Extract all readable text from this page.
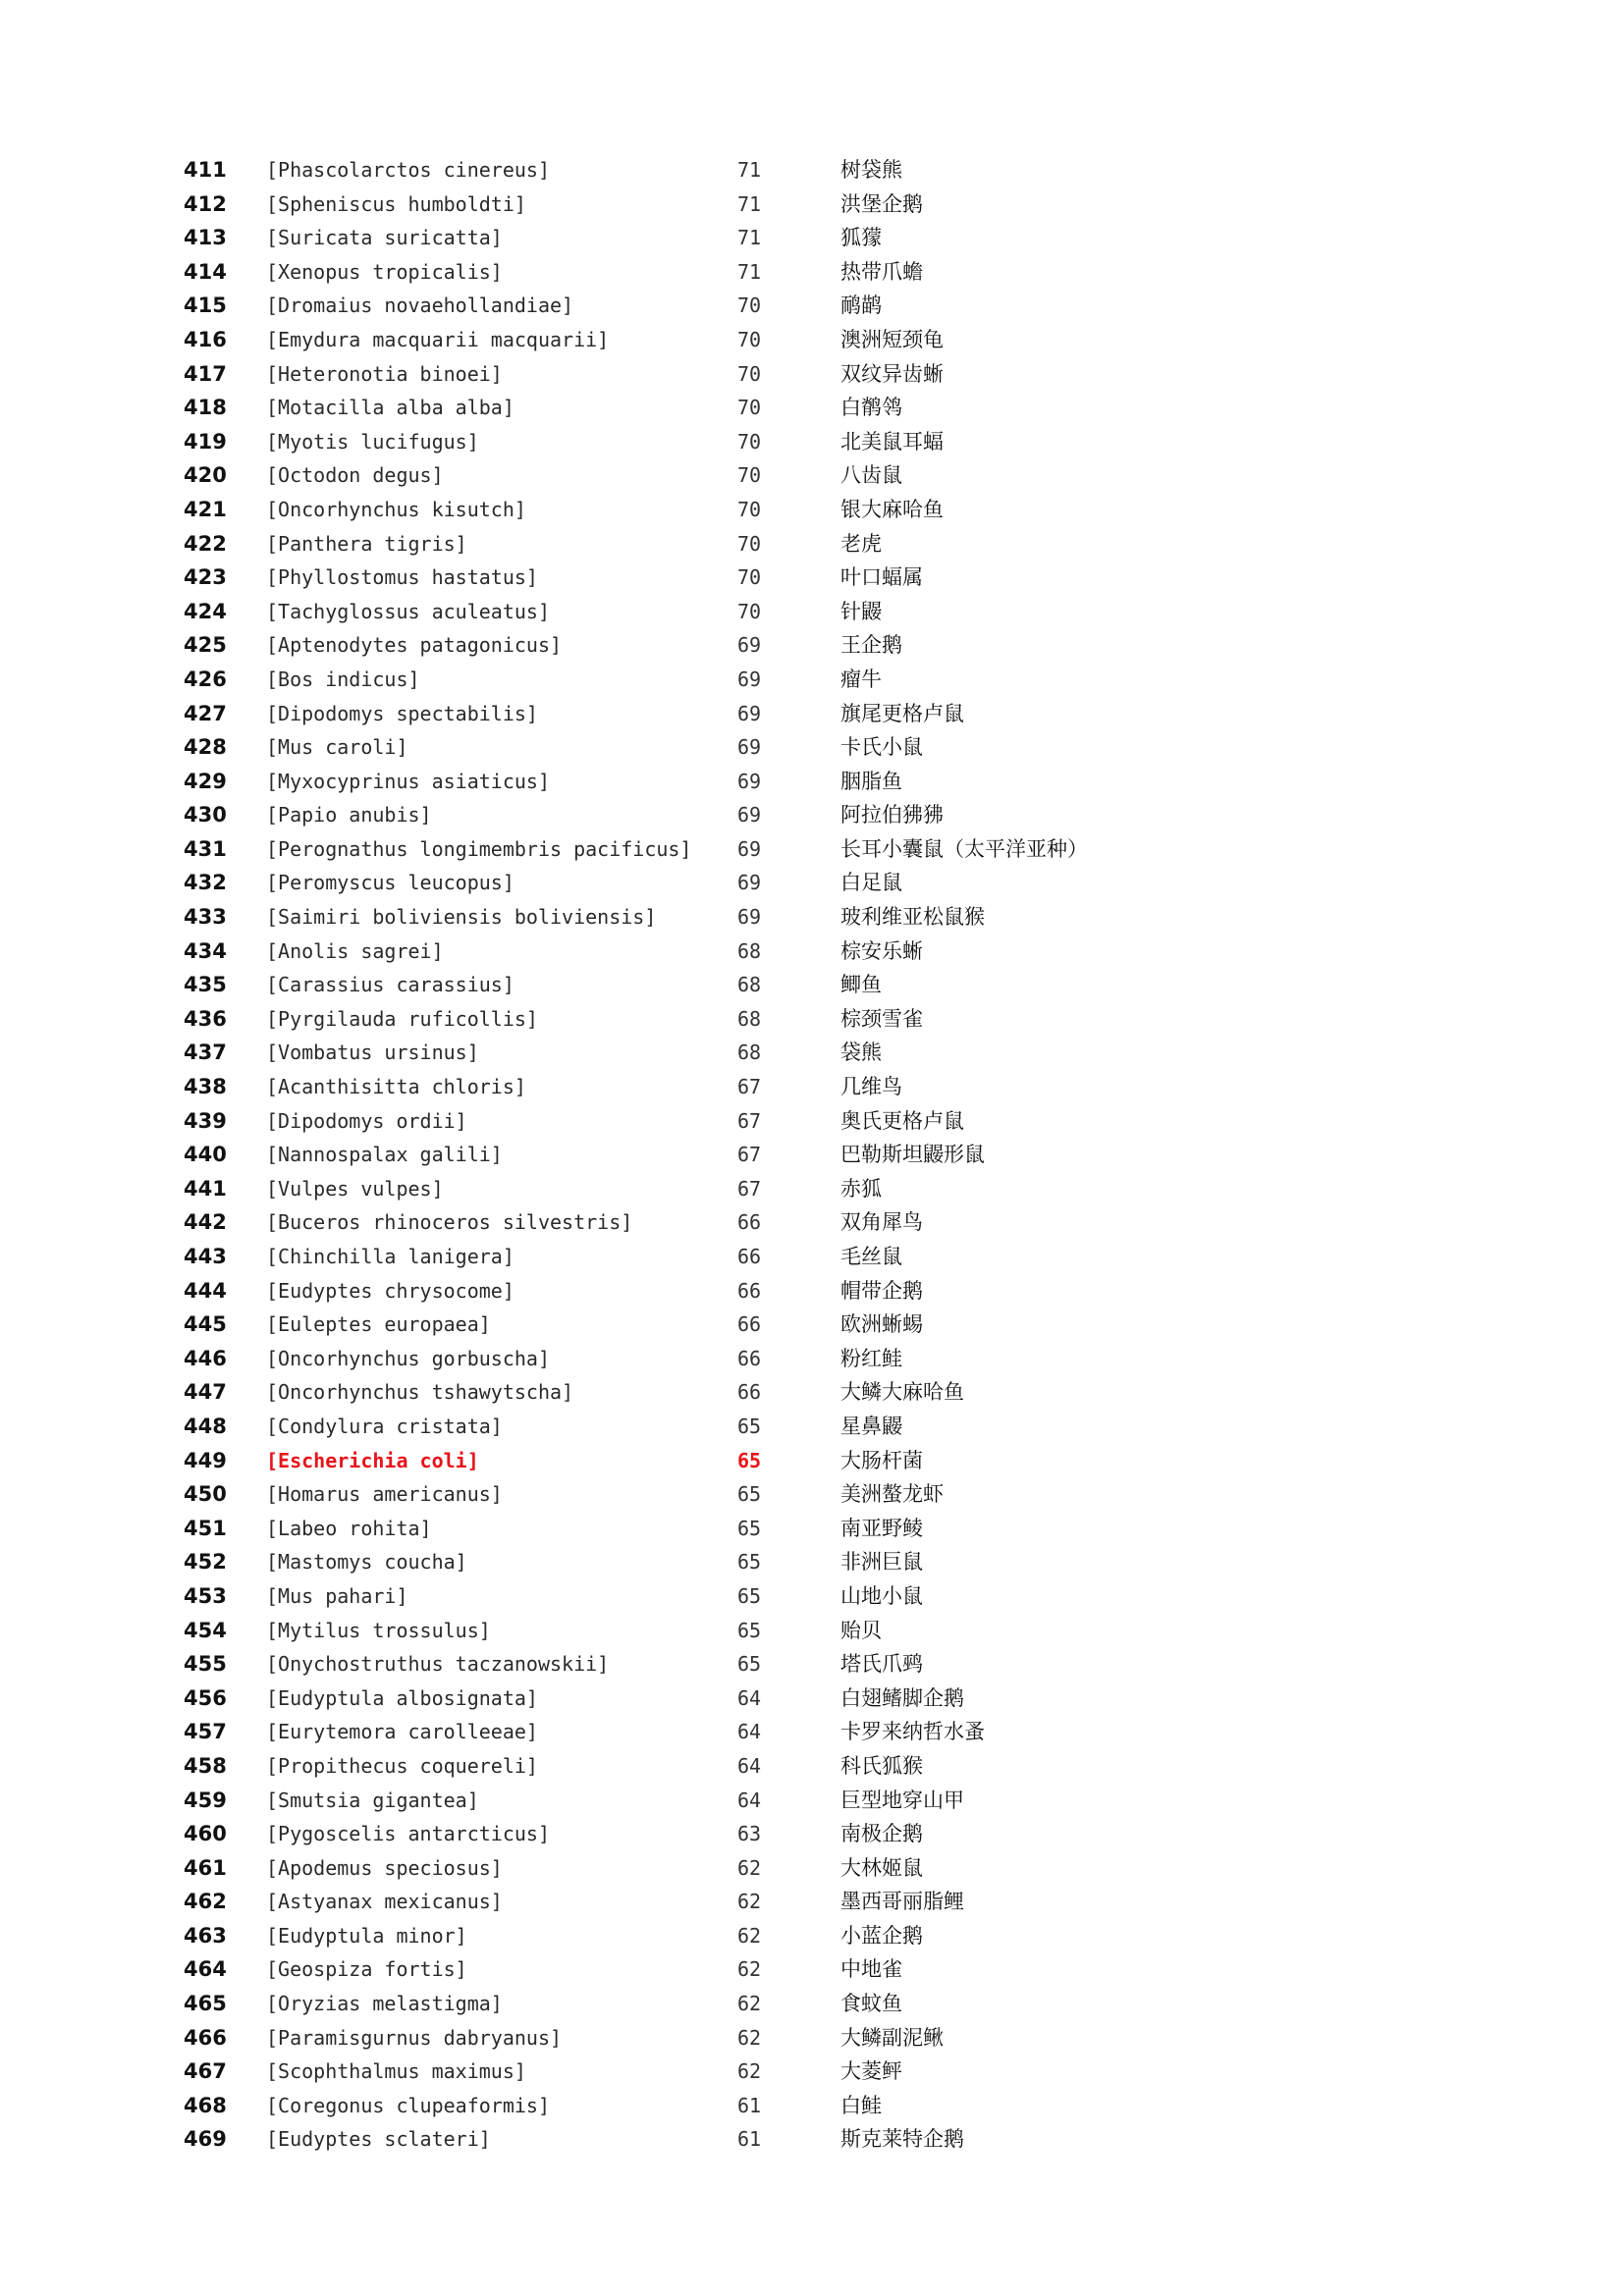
411 [Phascolarctos cinereus]	71	树袋熊
412 [Spheniscus humboldti]	71	洪堡企鹅
413 [Suricata suricatta]	71	狐獴
414 [Xenopus tropicalis]	71	热带爪蟾
415 [Dromaius novaehollandiae]	70	鸸鹋
416 [Emydura macquarii macquarii]	70	澳洲短颈龟
417 [Heteronotia binoei]	70	双纹异齿蜥
418 [Motacilla alba alba]	70	白鹡鸰
419 [Myotis lucifugus]	70	北美鼠耳蝠
420 [Octodon degus]	70	八齿鼠
421 [Oncorhynchus kisutch]	70	银大麻哈鱼
422 [Panthera tigris]	70	老虎
423 [Phyllostomus hastatus]	70	叶口蝠属
424 [Tachyglossus aculeatus]	70	针鼹
425 [Aptenodytes patagonicus]	69	王企鹅
426 [Bos indicus]	69	瘤牛
427 [Dipodomys spectabilis]	69	旗尾更格卢鼠
428 [Mus caroli]	69	卡氏小鼠
429 [Myxocyprinus asiaticus]	69	胭脂鱼
430 [Papio anubis]	69	阿拉伯狒狒
431 [Perognathus longimembris pacificus] 69	长耳小囊鼠（太平洋亚种）
432 [Peromyscus leucopus]	69	白足鼠
433 [Saimiri boliviensis boliviensis]	69	玻利维亚松鼠猴
434 [Anolis sagrei]	68	棕安乐蜥
435 [Carassius carassius]	68	鲫鱼
436 [Pyrgilauda ruficollis]	68	棕颈雪雀
437 [Vombatus ursinus]	68	袋熊
438 [Acanthisitta chloris]	67	几维鸟
439 [Dipodomys ordii]	67	奥氏更格卢鼠
440 [Nannospalax galili]	67	巴勒斯坦鼹形鼠
441 [Vulpes vulpes]	67	赤狐
442 [Buceros rhinoceros silvestris]	66	双角犀鸟
443 [Chinchilla lanigera]	66	毛丝鼠
444 [Eudyptes chrysocome]	66	帽带企鹅
445 [Euleptes europaea]	66	欧洲蜥蜴
446 [Oncorhynchus gorbuscha]	66	粉红鲑
447 [Oncorhynchus tshawytscha]	66	大鳞大麻哈鱼
448 [Condylura cristata]	65	星鼻鼹
449 [Escherichia coli]	65	大肠杆菌
450 [Homarus americanus]	65	美洲螯龙虾
451 [Labeo rohita]	65	南亚野鲮
452 [Mastomys coucha]	65	非洲巨鼠
453 [Mus pahari]	65	山地小鼠
454 [Mytilus trossulus]	65	贻贝
455 [Onychostruthus taczanowskii]	65	塔氏爪鹀
456 [Eudyptula albosignata]	64	白翅鳍脚企鹅
457 [Eurytemora carolleeae]	64	卡罗来纳哲水蚤
458 [Propithecus coquereli]	64	科氏狐猴
459 [Smutsia gigantea]	64	巨型地穿山甲
460 [Pygoscelis antarcticus]	63	南极企鹅
461 [Apodemus speciosus]	62	大林姬鼠
462 [Astyanax mexicanus]	62	墨西哥丽脂鲤
463 [Eudyptula minor]	62	小蓝企鹅
464 [Geospiza fortis]	62	中地雀
465 [Oryzias melastigma]	62	食蚊鱼
466 [Paramisgurnus dabryanus]	62	大鳞副泥鳅
467 [Scophthalmus maximus]	62	大菱鲆
468 [Coregonus clupeaformis]	61	白鲑
469 [Eudyptes sclateri]	61	斯克莱特企鹅
